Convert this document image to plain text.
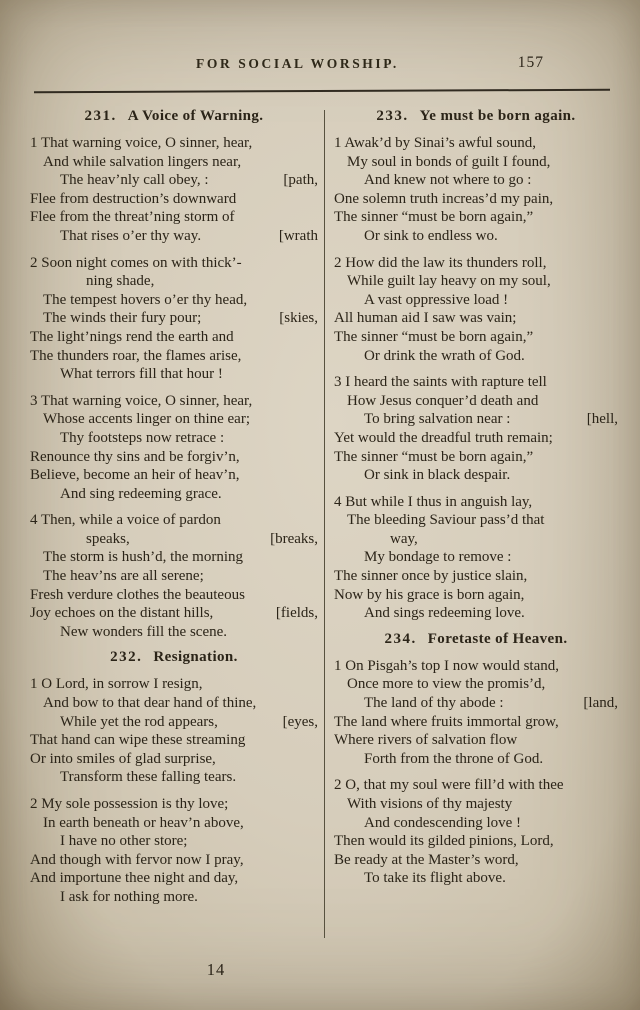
FOR SOCIAL WORSHIP.	157
231. A Voice of Warning.
1 That warning voice, O sinner, hear,
And while salvation lingers near,
The heav’nly call obey, :	[path,
Flee from destruction’s downward
Flee from the threat’ning storm of
That rises o’er thy way.	[wrath
2 Soon night comes on with thick’-
ning shade,
The tempest hovers o’er thy head,
The winds their fury pour;	[skies,
The light’nings rend the earth and
The thunders roar, the flames arise,
What terrors fill that hour !
3 That warning voice, O sinner, hear,
Whose accents linger on thine ear;
Thy footsteps now retrace :
Renounce thy sins and be forgiv’n,
Believe, become an heir of heav’n,
And sing redeeming grace.
4 Then, while a voice of pardon
speaks,	[breaks,
The storm is hush’d, the morning
The heav’ns are all serene;
Fresh verdure clothes the beauteous
Joy echoes on the distant hills,	[fields,
New wonders fill the scene.
232. Resignation.
1 O Lord, in sorrow I resign,
And bow to that dear hand of thine,
While yet the rod appears,	[eyes,
That hand can wipe these streaming
Or into smiles of glad surprise,
Transform these falling tears.
2 My sole possession is thy love;
In earth beneath or heav’n above,
I have no other store;
And though with fervor now I pray,
And importune thee night and day,
I ask for nothing more.
233. Ye must be born again.
1 Awak’d by Sinai’s awful sound,
My soul in bonds of guilt I found,
And knew not where to go :
One solemn truth increas’d my pain,
The sinner “must be born again,”
Or sink to endless wo.
2 How did the law its thunders roll,
While guilt lay heavy on my soul,
A vast oppressive load !
All human aid I saw was vain;
The sinner “must be born again,”
Or drink the wrath of God.
3 I heard the saints with rapture tell
How Jesus conquer’d death and
To bring salvation near :	[hell,
Yet would the dreadful truth remain;
The sinner “must be born again,”
Or sink in black despair.
4 But while I thus in anguish lay,
The bleeding Saviour pass’d that
way,
My bondage to remove :
The sinner once by justice slain,
Now by his grace is born again,
And sings redeeming love.
234. Foretaste of Heaven.
1 On Pisgah’s top I now would stand,
Once more to view the promis’d,
The land of thy abode :	[land,
The land where fruits immortal grow,
Where rivers of salvation flow
Forth from the throne of God.
2 O, that my soul were fill’d with thee
With visions of thy majesty
And condescending love !
Then would its gilded pinions, Lord,
Be ready at the Master’s word,
To take its flight above.
14
